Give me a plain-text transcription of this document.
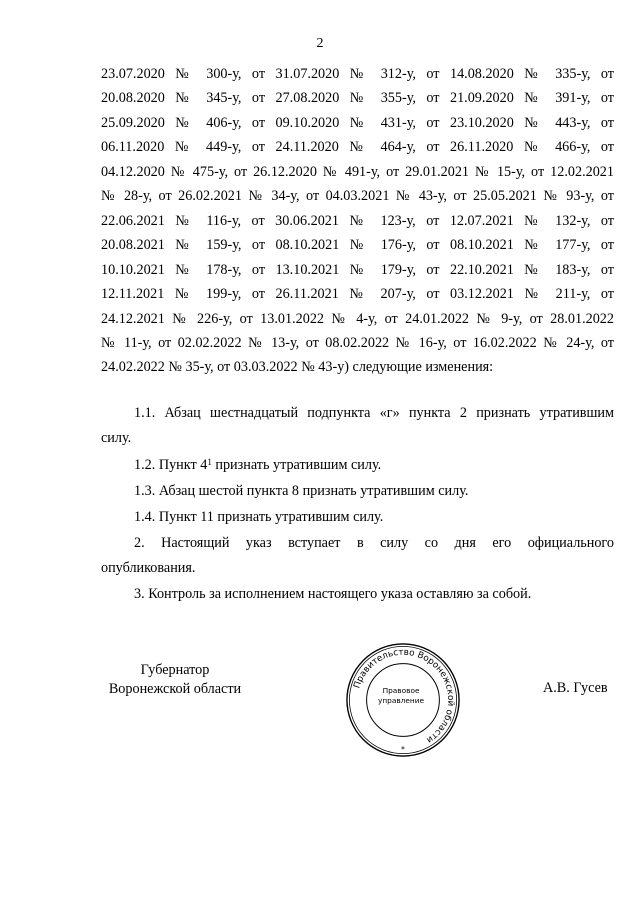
2
23.07.2020 № 300-у, от 31.07.2020 № 312-у, от 14.08.2020 № 335-у, от
20.08.2020 № 345-у, от 27.08.2020 № 355-у, от 21.09.2020 № 391-у, от
25.09.2020 № 406-у, от 09.10.2020 № 431-у, от 23.10.2020 № 443-у, от
06.11.2020 № 449-у, от 24.11.2020 № 464-у, от 26.11.2020 № 466-у, от
04.12.2020 № 475-у, от 26.12.2020 № 491-у, от 29.01.2021 № 15-у, от 12.02.2021
№ 28-у, от 26.02.2021 № 34-у, от 04.03.2021 № 43-у, от 25.05.2021 № 93-у, от
22.06.2021 № 116-у, от 30.06.2021 № 123-у, от 12.07.2021 № 132-у, от
20.08.2021 № 159-у, от 08.10.2021 № 176-у, от 08.10.2021 № 177-у, от
10.10.2021 № 178-у, от 13.10.2021 № 179-у, от 22.10.2021 № 183-у, от
12.11.2021 № 199-у, от 26.11.2021 № 207-у, от 03.12.2021 № 211-у, от
24.12.2021 № 226-у, от 13.01.2022 № 4-у, от 24.01.2022 № 9-у, от 28.01.2022
№ 11-у, от 02.02.2022 № 13-у, от 08.02.2022 № 16-у, от 16.02.2022 № 24-у, от
24.02.2022 № 35-у, от 03.03.2022 № 43-у) следующие изменения:
1.1. Абзац шестнадцатый подпункта «г» пункта 2 признать утратившим
силу.
1.2. Пункт $4^1$ признать утратившим силу.
1.3. Абзац шестой пункта 8 признать утратившим силу.
1.4. Пункт 11 признать утратившим силу.
2. Настоящий указ вступает в силу со дня его официального
опубликования.
3. Контроль за исполнением настоящего указа оставляю за собой.
Губернатор
Воронежской области	Правительство Воронежской области
Правовое
управление
*
А.В. Гусев
